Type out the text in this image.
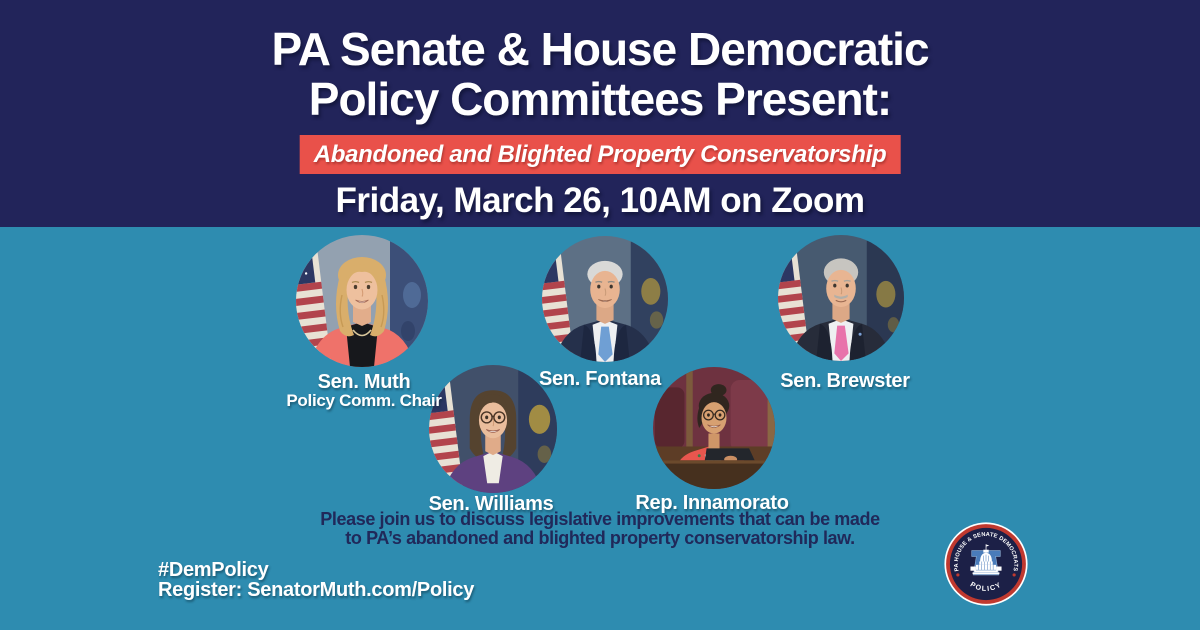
PA Senate & House Democratic
Policy Committees Present:
Abandoned and Blighted Property Conservatorship
Friday, March 26, 10AM on Zoom
Sen. Muth
Policy Comm. Chair
Sen. Fontana	Sen. Brewster
Sen. Williams	Rep. Innamorato
Please join us to discuss legislative improvements that can be made
to PA’s abandoned and blighted property conservatorship law.
#DemPolicy
Register: SenatorMuth.com/Policy
PA HOUSE & SENATE DEMOCRATS
POLICY
